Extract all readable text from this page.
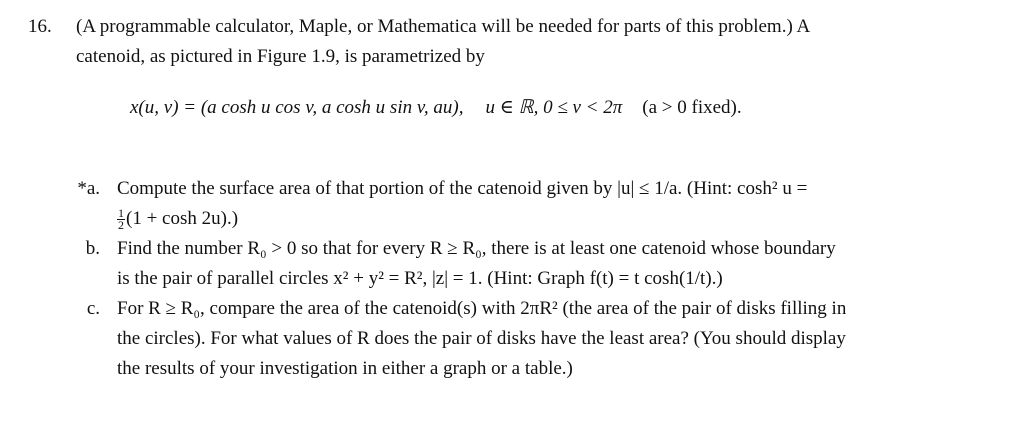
16. (A programmable calculator, Maple, or Mathematica will be needed for parts of this problem.) A
catenoid, as pictured in Figure 1.9, is parametrized by
x(u, v) = (a cosh u cos v, a cosh u sin v, au), u ∈ ℝ, 0 ≤ v < 2π (a > 0 fixed).
*a. Compute the surface area of that portion of the catenoid given by |u| ≤ 1/a. (Hint: cosh² u =
$\frac{1}{2} (1 + \cosh 2u)$.)
b. Find the number R₀ > 0 so that for every R ≥ R₀, there is at least one catenoid whose boundary
is the pair of parallel circles x² + y² = R², |z| = 1. (Hint: Graph f(t) = t cosh(1/t).)
c. For R ≥ R₀, compare the area of the catenoid(s) with 2πR² (the area of the pair of disks filling in
the circles). For what values of R does the pair of disks have the least area? (You should display
the results of your investigation in either a graph or a table.)
